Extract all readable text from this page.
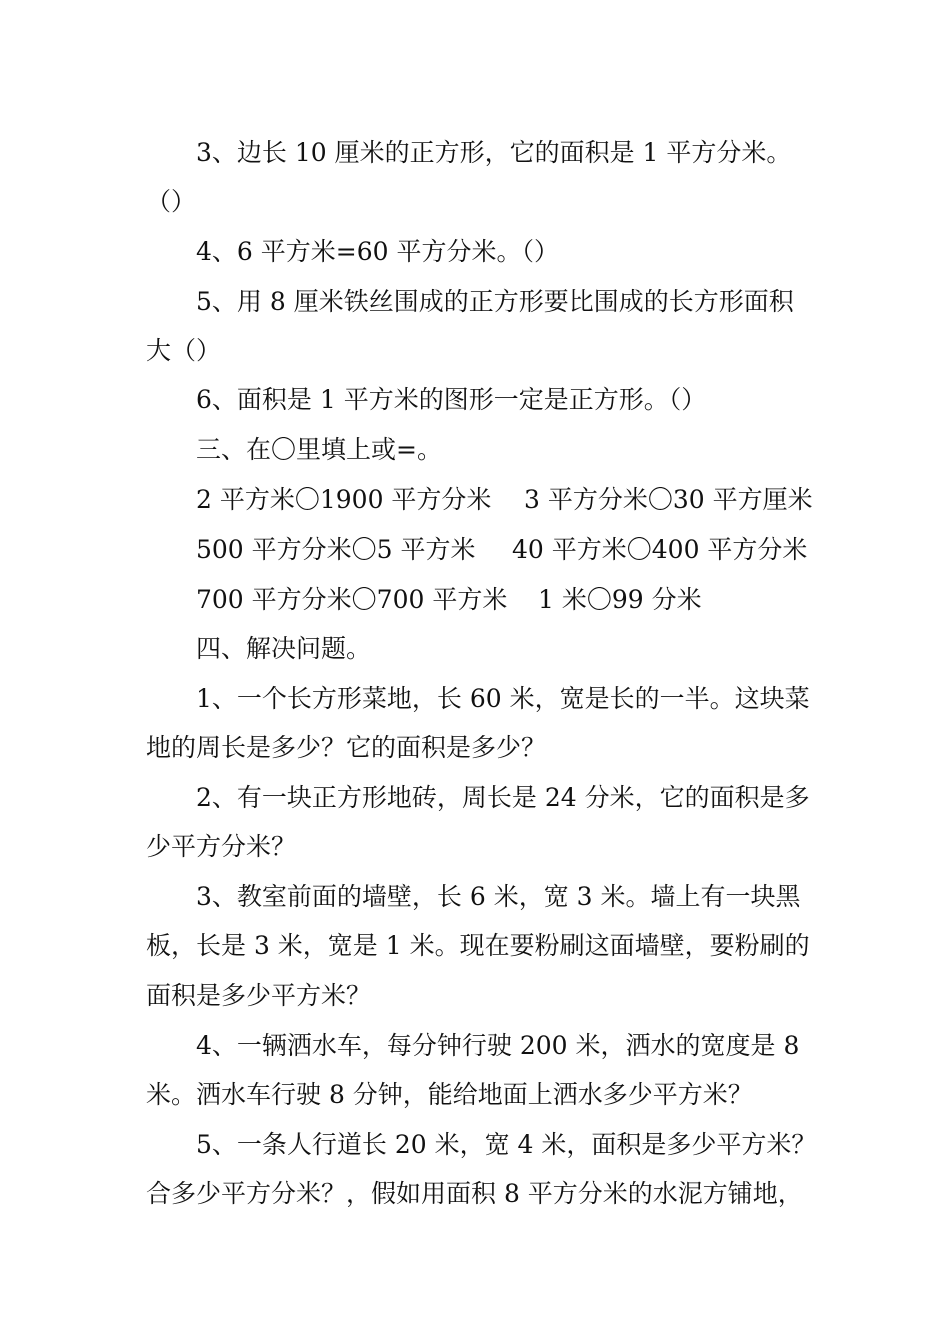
3、边长 10 厘米的正方形，它的面积是 1 平方分米。
（）
4、6 平方米=60 平方分米。（）
5、用 8 厘米铁丝围成的正方形要比围成的长方形面积
大（）
6、面积是 1 平方米的图形一定是正方形。（）
三、在〇里填上或=。
2 平方米〇1900 平方分米 3 平方分米〇30 平方厘米
500 平方分米〇5 平方米 40 平方米〇400 平方分米
700 平方分米〇700 平方米 1 米〇99 分米
四、解决问题。
1、一个长方形菜地，长 60 米，宽是长的一半。这块菜
地的周长是多少？它的面积是多少？
2、有一块正方形地砖，周长是 24 分米，它的面积是多
少平方分米？
3、教室前面的墙壁，长 6 米，宽 3 米。墙上有一块黑
板，长是 3 米，宽是 1 米。现在要粉刷这面墙壁，要粉刷的
面积是多少平方米？
4、一辆洒水车，每分钟行驶 200 米，洒水的宽度是 8
米。洒水车行驶 8 分钟，能给地面上洒水多少平方米？
5、一条人行道长 20 米，宽 4 米，面积是多少平方米？
合多少平方分米？，假如用面积 8 平方分米的水泥方铺地，
